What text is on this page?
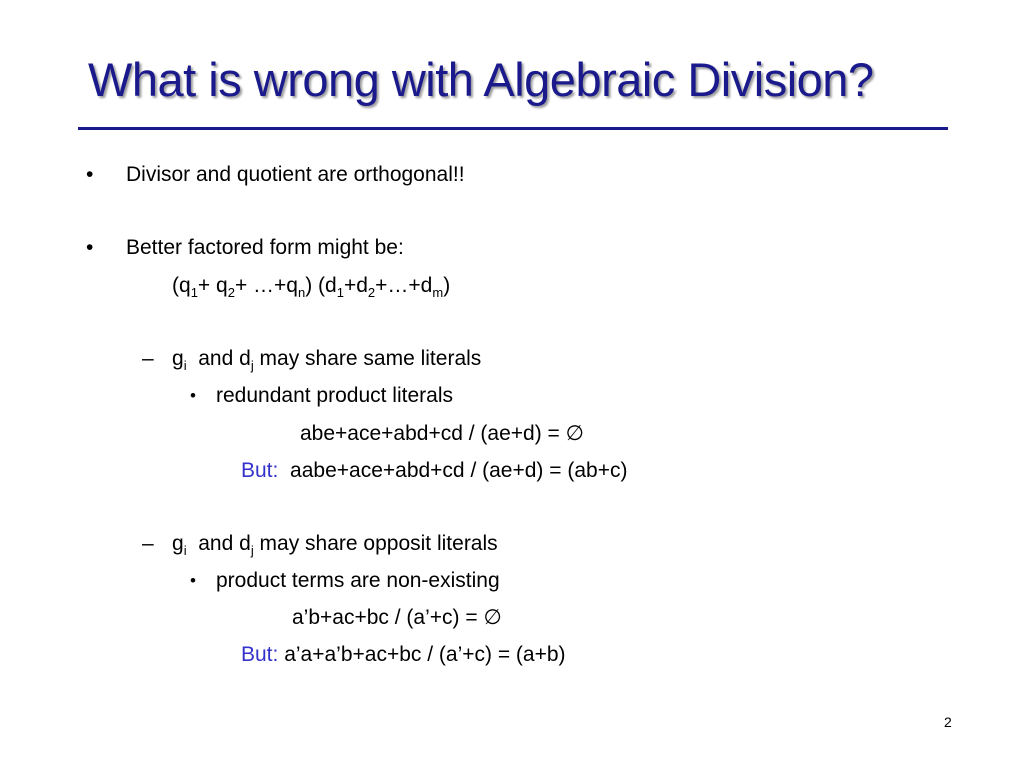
What is wrong with Algebraic Division?
• Divisor and quotient are orthogonal!!
• Better factored form might be:
($q_1+ q_2+$ $\dots+q_n$) $(d_1+d_2+\dots+d_m)$
– $g_i$ and $d_j$ may share same literals
• redundant product literals
abe+ace+abd+cd / (ae+d) = ∅
But: aabe+ace+abd+cd / (ae+d) = (ab+c)
– $g_i$ and $d_j$ may share opposit literals
• product terms are non-existing
a’b+ac+bc / (a’+c) = ∅
But: a’a+a’b+ac+bc / (a’+c) = (a+b)
2
